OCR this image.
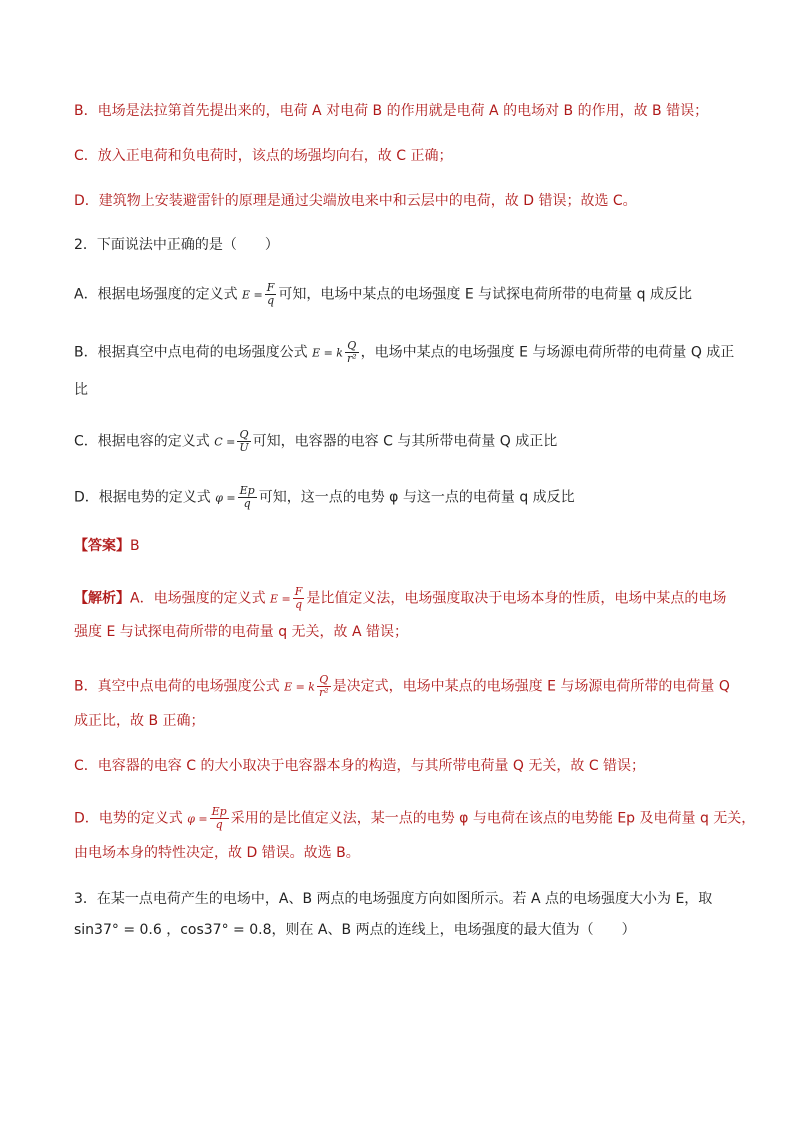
B．电场是法拉第首先提出来的，电荷 A 对电荷 B 的作用就是电荷 A 的电场对 B 的作用，故 B 错误；
C．放入正电荷和负电荷时，该点的场强均向右，故 C 正确；
D．建筑物上安装避雷针的原理是通过尖端放电来中和云层中的电荷，故 D 错误；故选 C。
2．下面说法中正确的是（　　）
A．根据电场强度的定义式 $E = \frac{F}{q}$ 可知，电场中某点的电场强度 E 与试探电荷所带的电荷量 q 成反比
B．根据真空中点电荷的电场强度公式 E = k $\frac{Q}{\text{r²}}$ ，电场中某点的电场强度 E 与场源电荷所带的电荷量 Q 成正
比
C．根据电容的定义式 $C = \frac{Q}{U}$ 可知，电容器的电容 C 与其所带电荷量 Q 成正比
D．根据电势的定义式 $\varphi = \frac{Ep}{q}$ 可知，这一点的电势 φ 与这一点的电荷量 q 成反比
【答案】B
【解析】A．电场强度的定义式 $E = \frac{F}{q}$ 是比值定义法，电场强度取决于电场本身的性质，电场中某点的电场
强度 E 与试探电荷所带的电荷量 q 无关，故 A 错误；
B．真空中点电荷的电场强度公式 E = k $\frac{Q}{\text{r²}}$ 是决定式，电场中某点的电场强度 E 与场源电荷所带的电荷量 Q
成正比，故 B 正确；
C．电容器的电容 C 的大小取决于电容器本身的构造，与其所带电荷量 Q 无关，故 C 错误；
D．电势的定义式 $\varphi = \frac{Ep}{q}$ 采用的是比值定义法，某一点的电势 φ 与电荷在该点的电势能 Ep 及电荷量 q 无关，
由电场本身的特性决定，故 D 错误。故选 B。
3．在某一点电荷产生的电场中，A、B 两点的电场强度方向如图所示。若 A 点的电场强度大小为 E，取
sin37° = 0.6 ，cos37° = 0.8，则在 A、B 两点的连线上，电场强度的最大值为（　　）
